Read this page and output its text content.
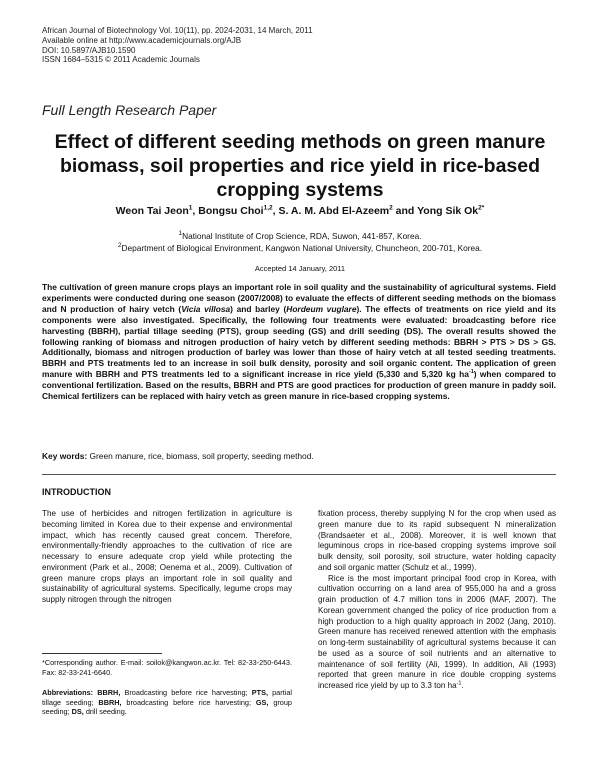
African Journal of Biotechnology Vol. 10(11), pp. 2024-2031, 14 March, 2011
Available online at http://www.academicjournals.org/AJB
DOI: 10.5897/AJB10.1590
ISSN 1684–5315 © 2011 Academic Journals
Full Length Research Paper
Effect of different seeding methods on green manure biomass, soil properties and rice yield in rice-based cropping systems
Weon Tai Jeon$^1$, Bongsu Choi$^{1,2}$, S. A. M. Abd El-Azeem$^2$ and Yong Sik $Ok^{2*}$
$^1$National Institute of Crop Science, RDA, Suwon, 441-857, Korea.
$^2$Department of Biological Environment, Kangwon National University, Chuncheon, 200-701, Korea.
Accepted 14 January, 2011
The cultivation of green manure crops plays an important role in soil quality and the sustainability of agricultural systems. Field experiments were conducted during one season (2007/2008) to evaluate the effects of different seeding methods on the biomass and N production of hairy vetch (Vicia villosa) and barley (Hordeum vuglare). The effects of treatments on rice yield and its components were also investigated. Specifically, the following four treatments were evaluated: broadcasting before rice harvesting (BBRH), partial tillage seeding (PTS), group seeding (GS) and drill seeding (DS). The overall results showed the following ranking of biomass and nitrogen production of hairy vetch by different seeding methods: BBRH > PTS > DS > GS. Additionally, biomass and nitrogen production of barley was lower than those of hairy vetch at all tested seeding treatments. BBRH and PTS treatments led to an increase in soil bulk density, porosity and soil organic content. The application of green manure with BBRH and PTS treatments led to a significant increase in rice yield (5,330 and 5,320 kg $ha^{-1}$) when compared to conventional fertilization. Based on the results, BBRH and PTS are good practices for production of green manure in paddy soil. Chemical fertilizers can be replaced with hairy vetch as green manure in rice-based cropping systems.
Key words: Green manure, rice, biomass, soil property, seeding method.
INTRODUCTION

The use of herbicides and nitrogen fertilization in agriculture is becoming limited in Korea due to their expense and environmental impact, which has recently caused great concern. Therefore, environmentally-friendly approaches to the cultivation of rice are necessary to ensure adequate crop yield while protecting the environment (Park et al., 2008; Oenema et al., 2009). Cultivation of green manure crops plays an important role in soil quality and sustainability of agricultural systems. Specifically, legume crops may supply nitrogen through the nitrogen

fixation process, thereby supplying N for the crop when used as green manure due to its rapid subsequent N mineralization (Brandsaeter et al., 2008). Moreover, it is well known that leguminous crops in rice-based cropping systems improve soil bulk density, soil porosity, soil structure, water holding capacity and soil organic matter (Schulz et al., 1999).

Rice is the most important principal food crop in Korea, with cultivation occurring on a land area of 955,000 ha and a gross grain production of 4.7 million tons in 2006 (MAF, 2007). The Korean government changed the policy of rice production from a high production to a high quality approach in 2002 (Jang, 2010). Green manure has received renewed attention with the emphasis on long-term sustainability of agricultural systems because it can be used as a source of soil nutrients and an alternative to maintenance of soil fertility (Ali, 1999). In addition, Ali (1993) reported that green manure in rice double cropping systems increased rice yield by up to 3.3 ton $ha^{-1}$.

*Corresponding author. E-mail: soilok@kangwon.ac.kr. Tel: 82-33-250-6443. Fax: 82-33-241-6640.
Abbreviations: BBRH, Broadcasting before rice harvesting; PTS, partial tillage seeding; BBRH, broadcasting before rice harvesting; GS, group seeding; DS, drill seeding.
